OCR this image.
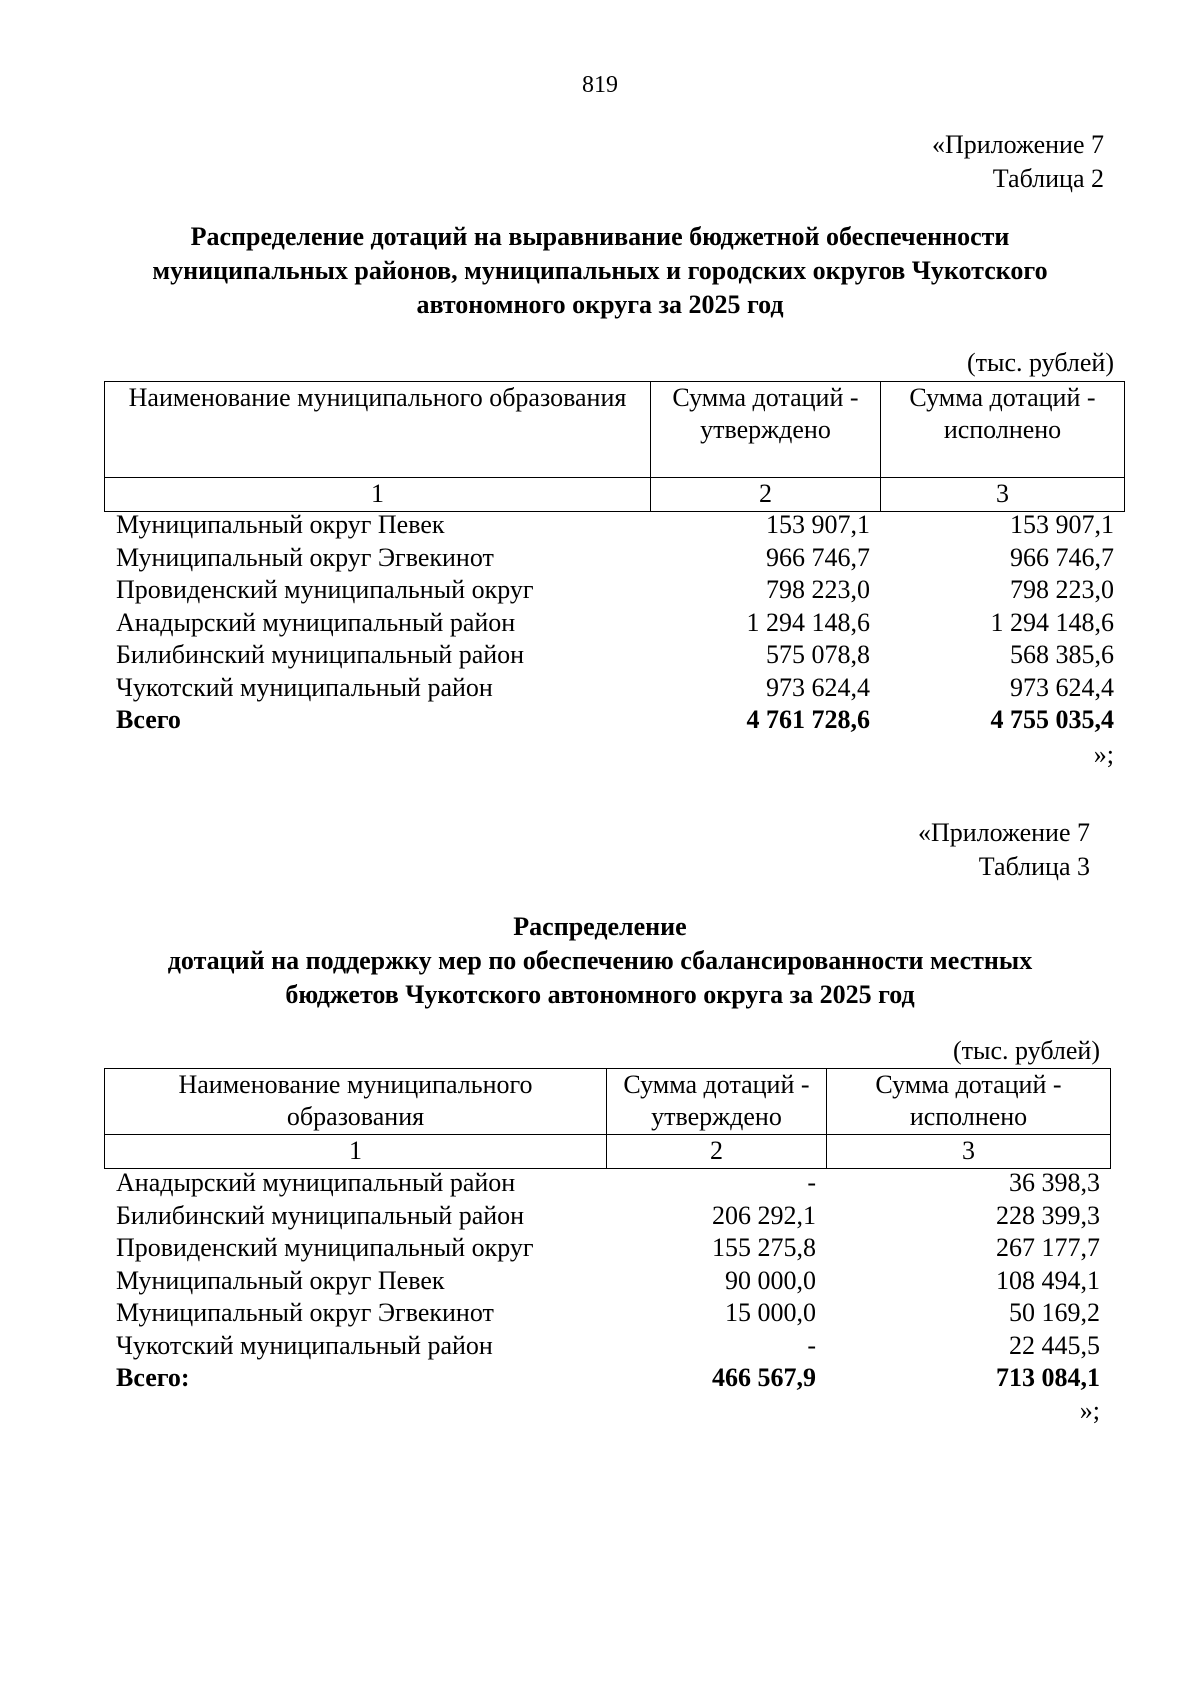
819
«Приложение 7
Таблица 2
Распределение дотаций на выравнивание бюджетной обеспеченности
муниципальных районов, муниципальных и городских округов Чукотского
автономного округа за 2025 год
(тыс. рублей)
Наименование муниципального образования	Сумма дотаций - утверждено	Сумма дотаций - исполнено
1	2	3
Муниципальный округ Певек	153 907,1	153 907,1
Муниципальный округ Эгвекинот	966 746,7	966 746,7
Провиденский муниципальный округ	798 223,0	798 223,0
Анадырский муниципальный район	1 294 148,6	1 294 148,6
Билибинский муниципальный район	575 078,8	568 385,6
Чукотский муниципальный район	973 624,4	973 624,4
Всего	4 761 728,6	4 755 035,4
»;
«Приложение 7
Таблица 3
Распределение
дотаций на поддержку мер по обеспечению сбалансированности местных
бюджетов Чукотского автономного округа за 2025 год
(тыс. рублей)
Наименование муниципального образования	Сумма дотаций - утверждено	Сумма дотаций - исполнено
1	2	3
Анадырский муниципальный район	-	36 398,3
Билибинский муниципальный район	206 292,1	228 399,3
Провиденский муниципальный округ	155 275,8	267 177,7
Муниципальный округ Певек	90 000,0	108 494,1
Муниципальный округ Эгвекинот	15 000,0	50 169,2
Чукотский муниципальный район	-	22 445,5
Всего:	466 567,9	713 084,1
»;
